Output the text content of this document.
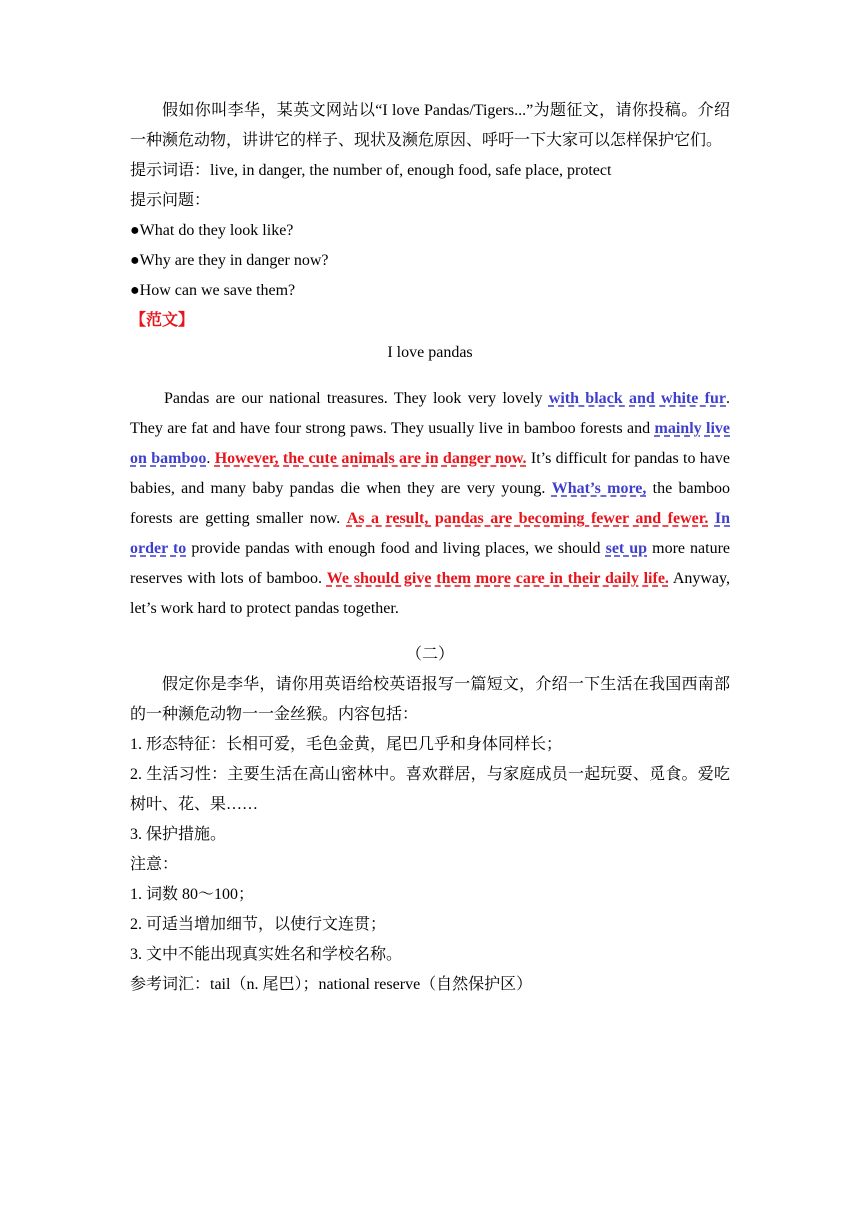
假如你叫李华，某英文网站以“I love Pandas/Tigers...”为题征文，请你投稿。介绍一种濒危动物，讲讲它的样子、现状及濒危原因、呼吁一下大家可以怎样保护它们。

提示词语：live, in danger, the number of, enough food, safe place, protect

提示问题：

●What do they look like?

●Why are they in danger now?

●How can we save them?

【范文】

I love pandas

Pandas are our national treasures. They look very lovely with black and white fur. They are fat and have four strong paws. They usually live in bamboo forests and mainly live on bamboo. However, the cute animals are in danger now. It’s difficult for pandas to have babies, and many baby pandas die when they are very young. What’s more, the bamboo forests are getting smaller now. As a result, pandas are becoming fewer and fewer. In order to provide pandas with enough food and living places, we should set up more nature reserves with lots of bamboo. We should give them more care in their daily life. Anyway, let’s work hard to protect pandas together.

（二）

假定你是李华，请你用英语给校英语报写一篇短文，介绍一下生活在我国西南部的一种濒危动物一一金丝猴。内容包括：

1. 形态特征：长相可爱，毛色金黄，尾巴几乎和身体同样长；

2. 生活习性：主要生活在高山密林中。喜欢群居，与家庭成员一起玩耍、觅食。爱吃树叶、花、果……

3. 保护措施。

注意：

1. 词数 80～100；

2. 可适当增加细节，以使行文连贯；

3. 文中不能出现真实姓名和学校名称。

参考词汇：tail（n. 尾巴）；national reserve（自然保护区）
